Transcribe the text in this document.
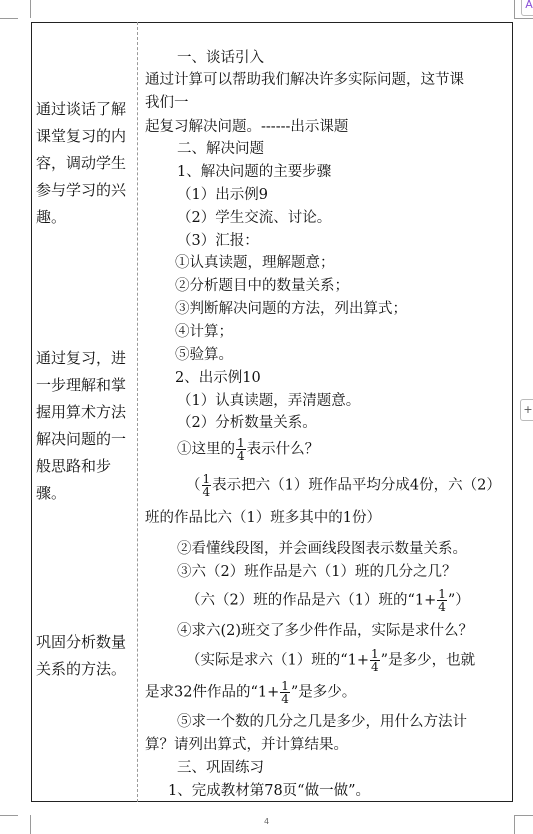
A
+

通过谈话了解课堂复习的内容，调动学生参与学习的兴趣。

通过复习，进一步理解和掌握用算术方法解决问题的一般思路和步骤。

巩固分析数量关系的方法。

一、谈话引入
通过计算可以帮助我们解决许多实际问题，这节课
我们一
起复习解决问题。------出示课题
二、解决问题
1、解决问题的主要步骤
（1）出示例9
（2）学生交流、讨论。
（3）汇报：
①认真读题，理解题意；
②分析题目中的数量关系；
③判断解决问题的方法，列出算式；
④计算；
⑤验算。
2、出示例10
（1）认真读题，弄清题意。
（2）分析数量关系。
①这里的 $\frac{1}{4}$ 表示什么？
（ $\frac{1}{4}$ 表示把六（1）班作品平均分成4份，六（2）
班的作品比六（1）班多其中的1份）
②看懂线段图，并会画线段图表示数量关系。
③六（2）班作品是六（1）班的几分之几？
（六（2）班的作品是六（1）班的“$1+ \frac{1}{4}$ ”）
④求六(2)班交了多少件作品，实际是求什么？
（实际是求六（1）班的“$1+ \frac{1}{4}$ ”是多少，也就
是求32件作品的“$1+ \frac{1}{4}$ ”是多少。
⑤求一个数的几分之几是多少，用什么方法计
算？请列出算式，并计算结果。
三、巩固练习
1、完成教材第78页“做一做”。
4
